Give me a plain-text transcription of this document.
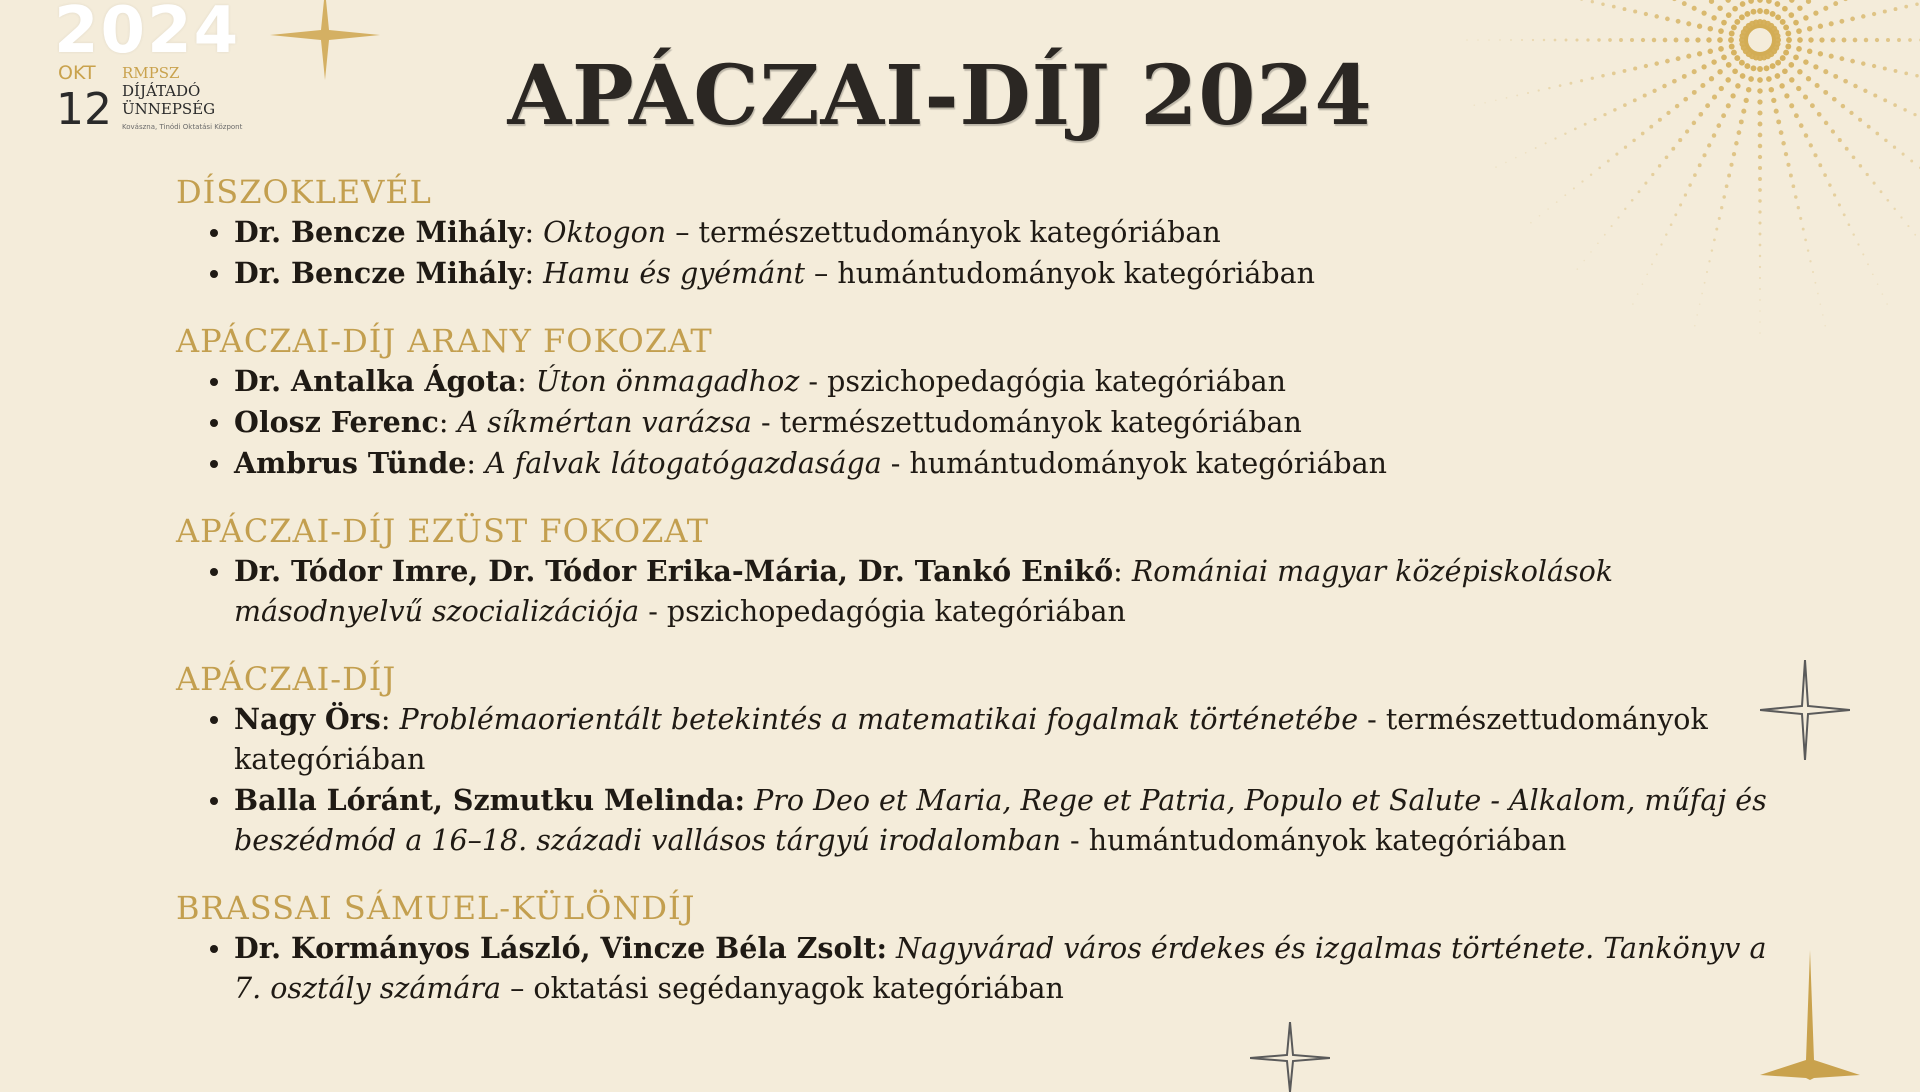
2024
OKT
12
RMPSZ
DÍJÁTADÓ
ÜNNEPSÉG
Kovászna, Tinódi Oktatási Központ	APÁCZAI-DÍJ 2024
DÍSZOKLEVÉL
Dr. Bencze Mihály: Oktogon – természettudományok kategóriában
Dr. Bencze Mihály: Hamu és gyémánt – humántudományok kategóriában
APÁCZAI-DÍJ ARANY FOKOZAT
Dr. Antalka Ágota: Úton önmagadhoz - pszichopedagógia kategóriában
Olosz Ferenc: A síkmértan varázsa - természettudományok kategóriában
Ambrus Tünde: A falvak látogatógazdasága - humántudományok kategóriában
APÁCZAI-DÍJ EZÜST FOKOZAT
Dr. Tódor Imre, Dr. Tódor Erika-Mária, Dr. Tankó Enikő: Romániai magyar középiskolások másodnyelvű szocializációja - pszichopedagógia kategóriában
APÁCZAI-DÍJ
Nagy Örs: Problémaorientált betekintés a matematikai fogalmak történetébe - természettudományok kategóriában
Balla Lóránt, Szmutku Melinda: Pro Deo et Maria, Rege et Patria, Populo et Salute - Alkalom, műfaj és beszédmód a 16–18. századi vallásos tárgyú irodalomban - humántudományok kategóriában
BRASSAI SÁMUEL-KÜLÖNDÍJ
Dr. Kormányos László, Vincze Béla Zsolt: Nagyvárad város érdekes és izgalmas története. Tankönyv a 7. osztály számára – oktatási segédanyagok kategóriában
